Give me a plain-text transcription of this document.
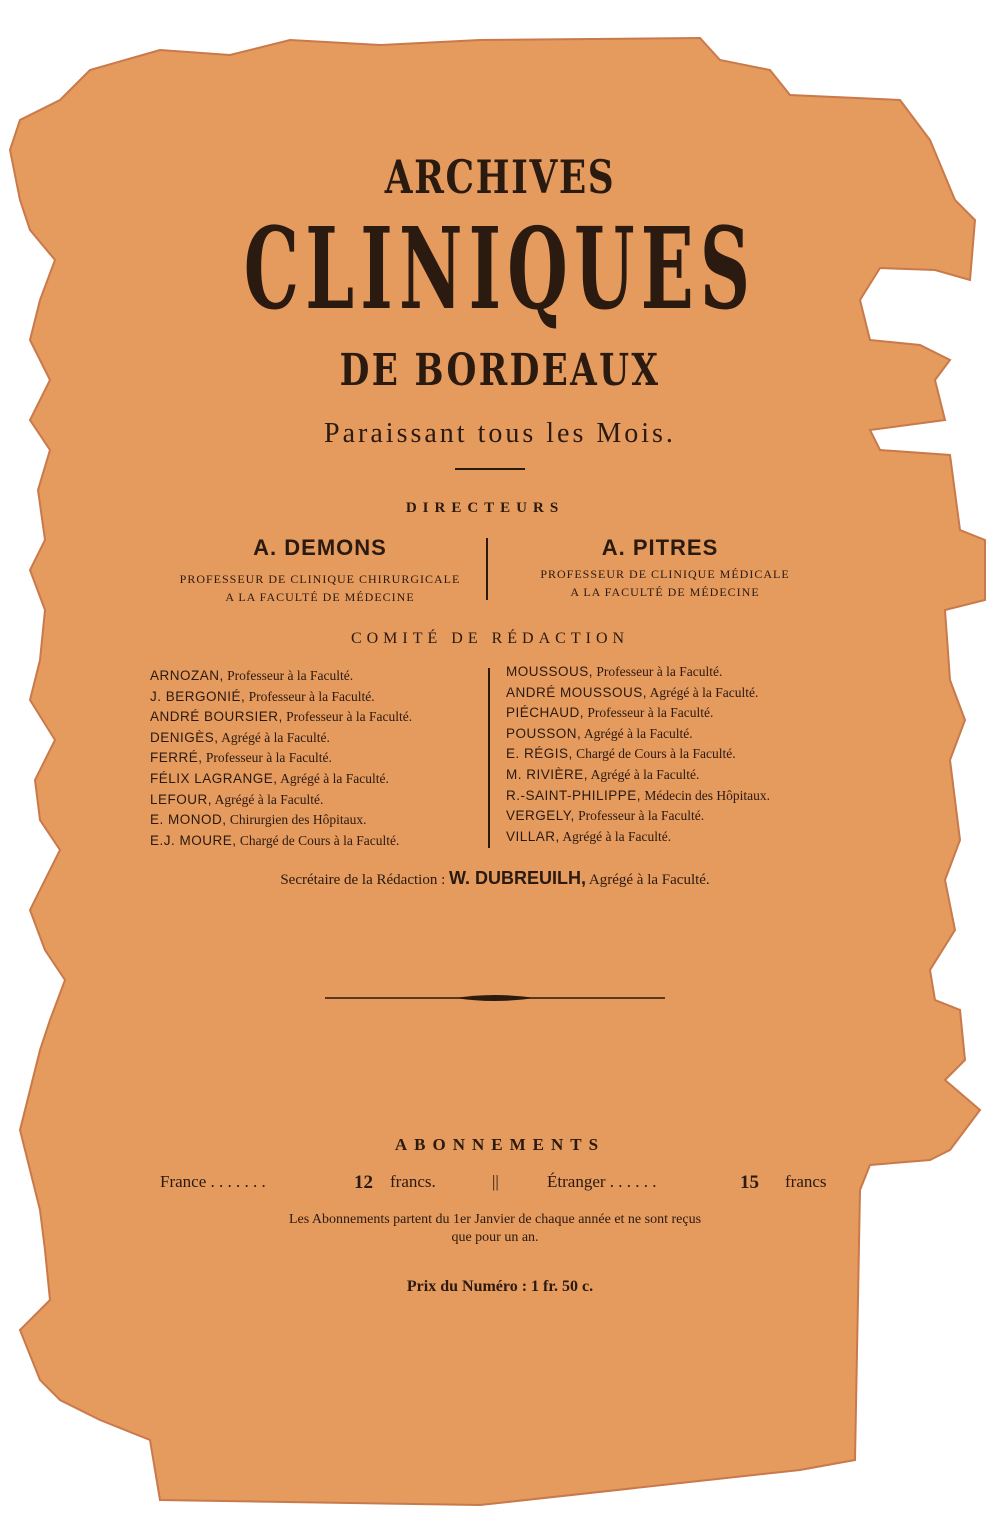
ARCHIVES
CLINIQUES
DE BORDEAUX
Paraissant tous les Mois.
DIRECTEURS
A. DEMONS
PROFESSEUR DE CLINIQUE CHIRURGICALE
A LA FACULTÉ DE MÉDECINE
A. PITRES
PROFESSEUR DE CLINIQUE MÉDICALE
A LA FACULTÉ DE MÉDECINE
COMITÉ DE RÉDACTION
ARNOZAN, Professeur à la Faculté.
J. BERGONIÉ, Professeur à la Faculté.
ANDRÉ BOURSIER, Professeur à la Faculté.
DENIGÈS, Agrégé à la Faculté.
FERRÉ, Professeur à la Faculté.
FÉLIX LAGRANGE, Agrégé à la Faculté.
LEFOUR, Agrégé à la Faculté.
E. MONOD, Chirurgien des Hôpitaux.
E.J. MOURE, Chargé de Cours à la Faculté.
MOUSSOUS, Professeur à la Faculté.
ANDRÉ MOUSSOUS, Agrégé à la Faculté.
PIÉCHAUD, Professeur à la Faculté.
POUSSON, Agrégé à la Faculté.
E. RÉGIS, Chargé de Cours à la Faculté.
M. RIVIÈRE, Agrégé à la Faculté.
R.-SAINT-PHILIPPE, Médecin des Hôpitaux.
VERGELY, Professeur à la Faculté.
VILLAR, Agrégé à la Faculté.
Secrétaire de la Rédaction : W. DUBREUILH, Agrégé à la Faculté.
ABONNEMENTS
France . . . . . . .	12 francs.	||	Étranger . . . . . .	15 francs
Les Abonnements partent du 1er Janvier de chaque année et ne sont reçus
que pour un an.
Prix du Numéro : 1 fr. 50 c.
